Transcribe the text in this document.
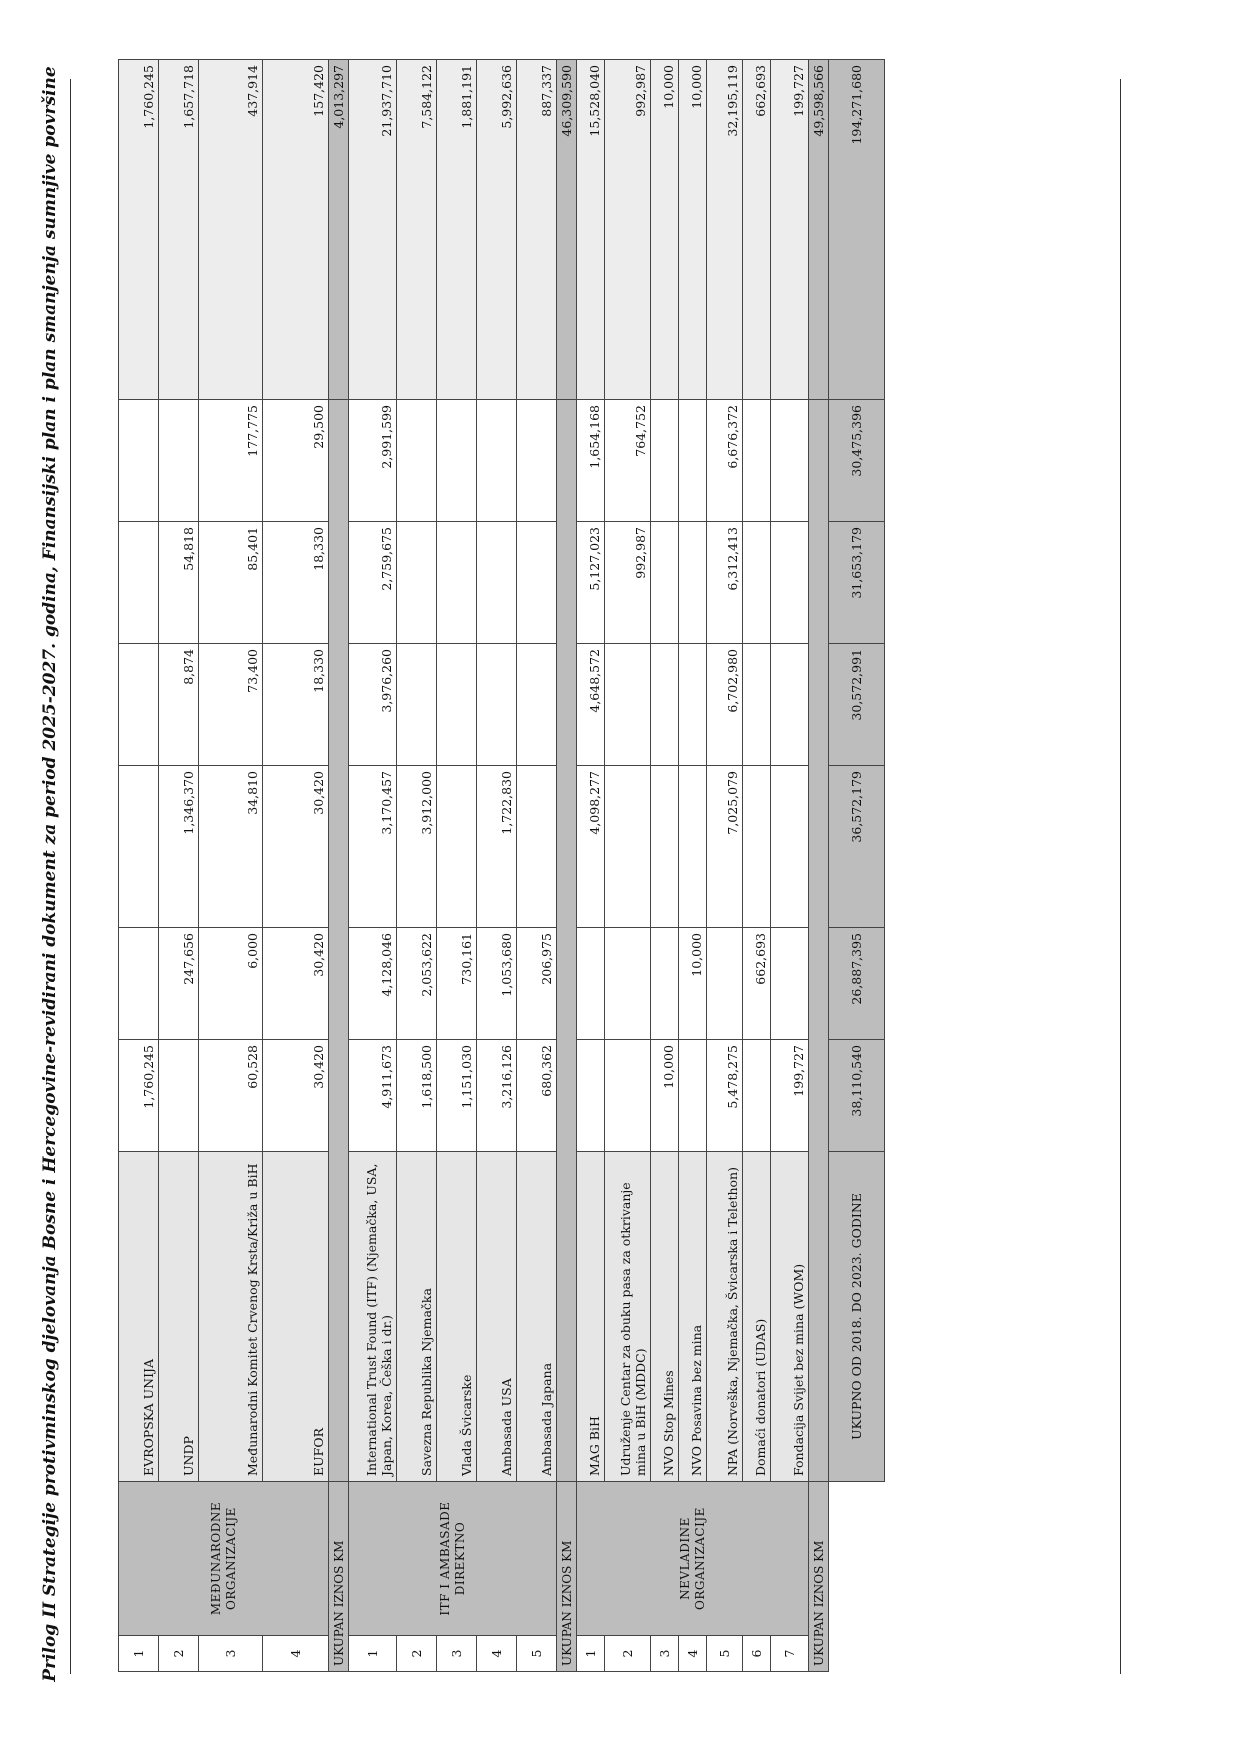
Prilog II Strategije protivminskog djelovanja Bosne i Hercegovine-revidirani dokument za period 2025-2027. godina, Finansijski plan i plan smanjenja sumnjive površine	1	MEĐUNARODNE ORGANIZACIJE	EVROPSKA UNIJA	1,760,245						1,760,245
2		UNDP		247,656	1,346,370	8,874	54,818		1,657,718
3		Međunarodni Komitet Crvenog Krsta/Križa u BiH	60,528	6,000	34,810	73,400	85,401	177,775	437,914
4		EUFOR	30,420	30,420	30,420	18,330	18,330	29,500	157,420
UKUPAN IZNOS KM									4,013,297
1	ITF I AMBASADE DIREKTNO	International Trust Found (ITF) (Njemačka, USA, Japan, Korea, Češka i dr.)	4,911,673	4,128,046	3,170,457	3,976,260	2,759,675	2,991,599	21,937,710
2		Savezna Republika Njemačka	1,618,500	2,053,622	3,912,000				7,584,122
3		Vlada Švicarske	1,151,030	730,161					1,881,191
4		Ambasada USA	3,216,126	1,053,680	1,722,830				5,992,636
5		Ambasada Japana	680,362	206,975					887,337
UKUPAN IZNOS KM									46,309,590
1	NEVLADINE ORGANIZACIJE	MAG BiH			4,098,277	4,648,572	5,127,023	1,654,168	15,528,040
2		Udruženje Centar za obuku pasa za otkrivanje mina u BiH (MDDC)					992,987	764,752	992,987
3		NVO Stop Mines	10,000						10,000
4		NVO Posavina bez mina		10,000					10,000
5		NPA (Norveška, Njemačka, Švicarska i Telethon)	5,478,275		7,025,079	6,702,980	6,312,413	6,676,372	32,195,119
6		Domaći donatori (UDAS)		662,693					662,693
7		Fondacija Svijet bez mina (WOM)	199,727						199,727
UKUPAN IZNOS KM									49,598,566
		UKUPNO OD 2018. DO 2023. GODINE	38,110,540	26,887,395	36,572,179	30,572,991	31,653,179	30,475,396	194,271,680
